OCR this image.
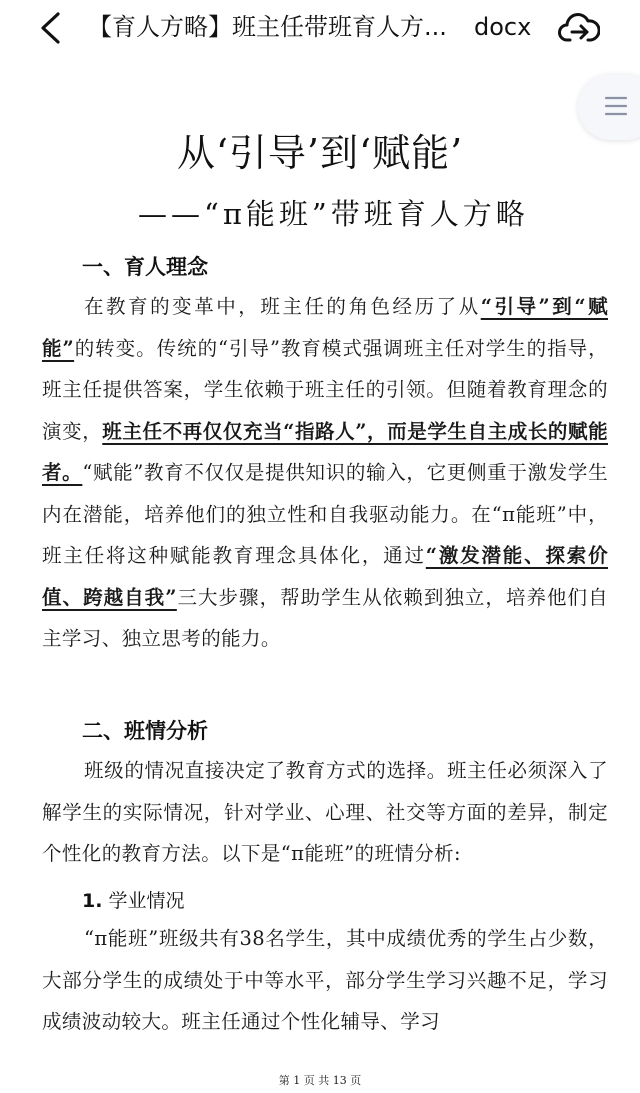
【育人方略】班主任带班育人方...	docx
从‘引导’到‘赋能’
——“π能班”带班育人方略
一、育人理念
在教育的变革中，班主任的角色经历了从“引导”到“赋能”的转变。传统的“引导”教育模式强调班主任对学生的指导，班主任提供答案，学生依赖于班主任的引领。但随着教育理念的演变，班主任不再仅仅充当“指路人”，而是学生自主成长的赋能者。“赋能”教育不仅仅是提供知识的输入，它更侧重于激发学生内在潜能，培养他们的独立性和自我驱动能力。在“π能班”中，班主任将这种赋能教育理念具体化，通过“激发潜能、探索价值、跨越自我”三大步骤，帮助学生从依赖到独立，培养他们自主学习、独立思考的能力。
二、班情分析
班级的情况直接决定了教育方式的选择。班主任必须深入了解学生的实际情况，针对学业、心理、社交等方面的差异，制定个性化的教育方法。以下是“π能班”的班情分析:
1. 学业情况
“π能班”班级共有38名学生，其中成绩优秀的学生占少数，大部分学生的成绩处于中等水平，部分学生学习兴趣不足，学习成绩波动较大。班主任通过个性化辅导、学习
第 1 页 共 13 页
